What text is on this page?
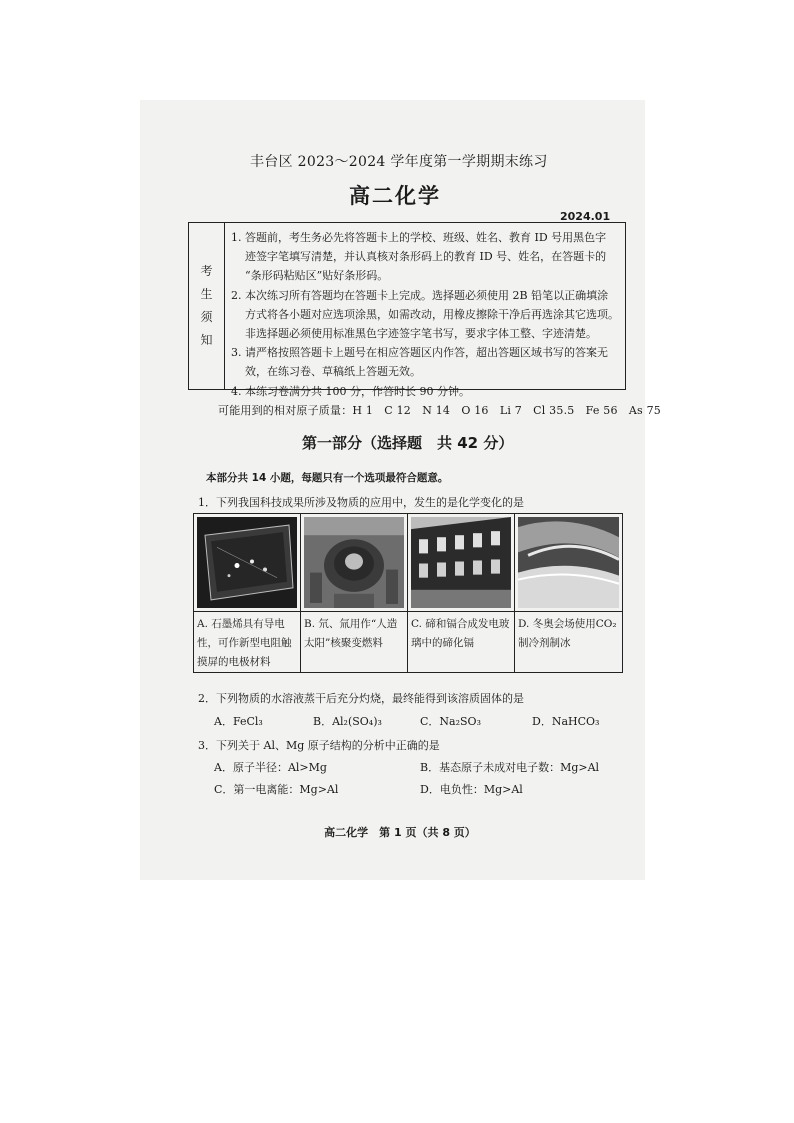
丰台区 2023～2024 学年度第一学期期末练习
高二化学
2024.01
考
生
须
知
1. 答题前，考生务必先将答题卡上的学校、班级、姓名、教育 ID 号用黑色字
迹签字笔填写清楚，并认真核对条形码上的教育 ID 号、姓名，在答题卡的
“条形码粘贴区”贴好条形码。
2. 本次练习所有答题均在答题卡上完成。选择题必须使用 2B 铅笔以正确填涂
方式将各小题对应选项涂黑，如需改动，用橡皮擦除干净后再选涂其它选项。
非选择题必须使用标准黑色字迹签字笔书写，要求字体工整、字迹清楚。
3. 请严格按照答题卡上题号在相应答题区内作答，超出答题区域书写的答案无
效，在练习卷、草稿纸上答题无效。
4. 本练习卷满分共 100 分，作答时长 90 分钟。
可能用到的相对原子质量：H 1　C 12　N 14　O 16　Li 7　Cl 35.5　Fe 56　As 75
第一部分（选择题　共 42 分）
本部分共 14 小题，每题只有一个选项最符合题意。
1．下列我国科技成果所涉及物质的应用中，发生的是化学变化的是
A. 石墨烯具有导电性，可作新型电阻触摸屏的电极材料
B. 氘、氚用作“人造太阳”核聚变燃料
C. 碲和镉合成发电玻璃中的碲化镉
D. 冬奥会场使用CO₂制冷剂制冰
2．下列物质的水溶液蒸干后充分灼烧，最终能得到该溶质固体的是
A．FeCl₃	B．Al₂(SO₄)₃	C．Na₂SO₃	D．NaHCO₃
3．下列关于 Al、Mg 原子结构的分析中正确的是
A．原子半径：Al>Mg	B．基态原子未成对电子数：Mg>Al
C．第一电离能：Mg>Al	D．电负性：Mg>Al
高二化学　第 1 页（共 8 页）
